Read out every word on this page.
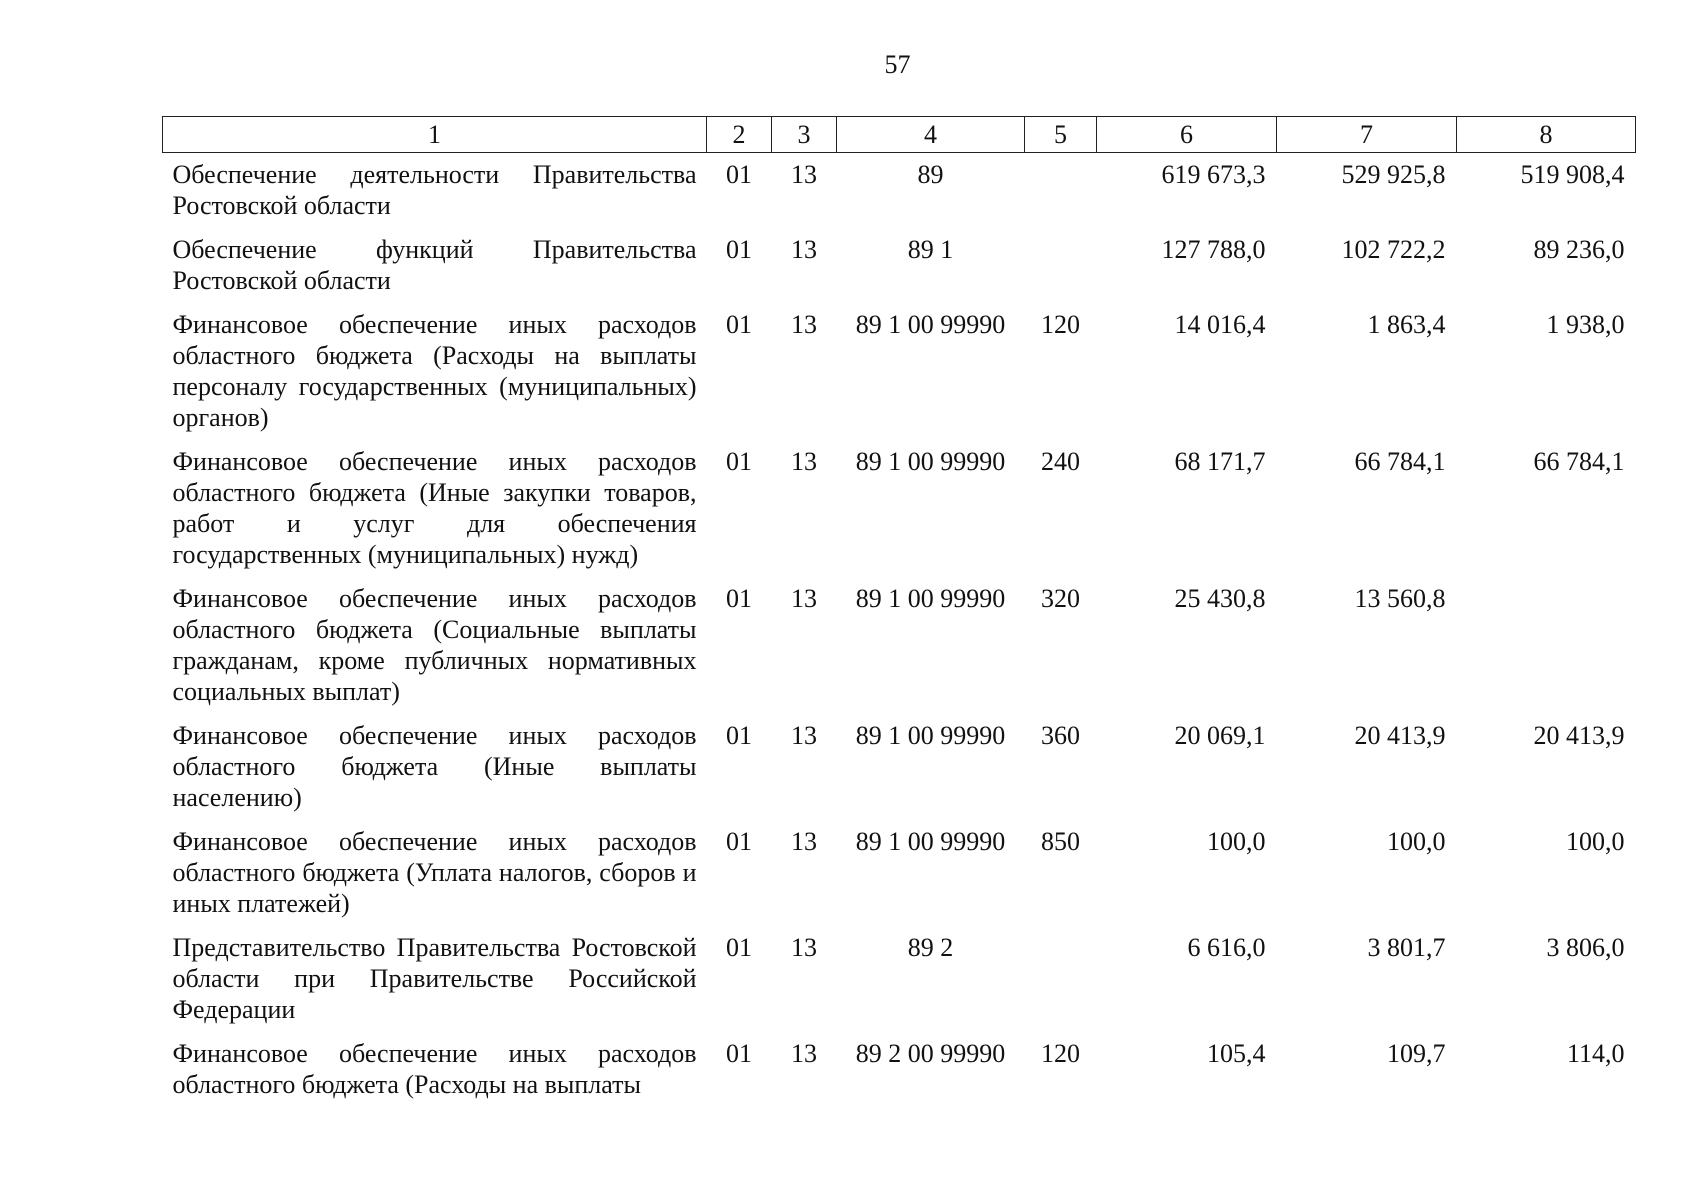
57
1	2	3	4	5	6	7	8
Обеспечение деятельности Правительства Ростовской области	01	13	89		619 673,3	529 925,8	519 908,4
Обеспечение функций Правительства Ростовской области	01	13	89 1		127 788,0	102 722,2	89 236,0
Финансовое обеспечение иных расходов областного бюджета (Расходы на выплаты персоналу государственных (муниципальных) органов)	01	13	89 1 00 99990	120	14 016,4	1 863,4	1 938,0
Финансовое обеспечение иных расходов областного бюджета (Иные закупки товаров, работ и услуг для обеспечения государственных (муниципальных) нужд)	01	13	89 1 00 99990	240	68 171,7	66 784,1	66 784,1
Финансовое обеспечение иных расходов областного бюджета (Социальные выплаты гражданам, кроме публичных нормативных социальных выплат)	01	13	89 1 00 99990	320	25 430,8	13 560,8	
Финансовое обеспечение иных расходов областного бюджета (Иные выплаты населению)	01	13	89 1 00 99990	360	20 069,1	20 413,9	20 413,9
Финансовое обеспечение иных расходов областного бюджета (Уплата налогов, сборов и иных платежей)	01	13	89 1 00 99990	850	100,0	100,0	100,0
Представительство Правительства Ростовской области при Правительстве Российской Федерации	01	13	89 2		6 616,0	3 801,7	3 806,0
Финансовое обеспечение иных расходов областного бюджета (Расходы на выплаты	01	13	89 2 00 99990	120	105,4	109,7	114,0
